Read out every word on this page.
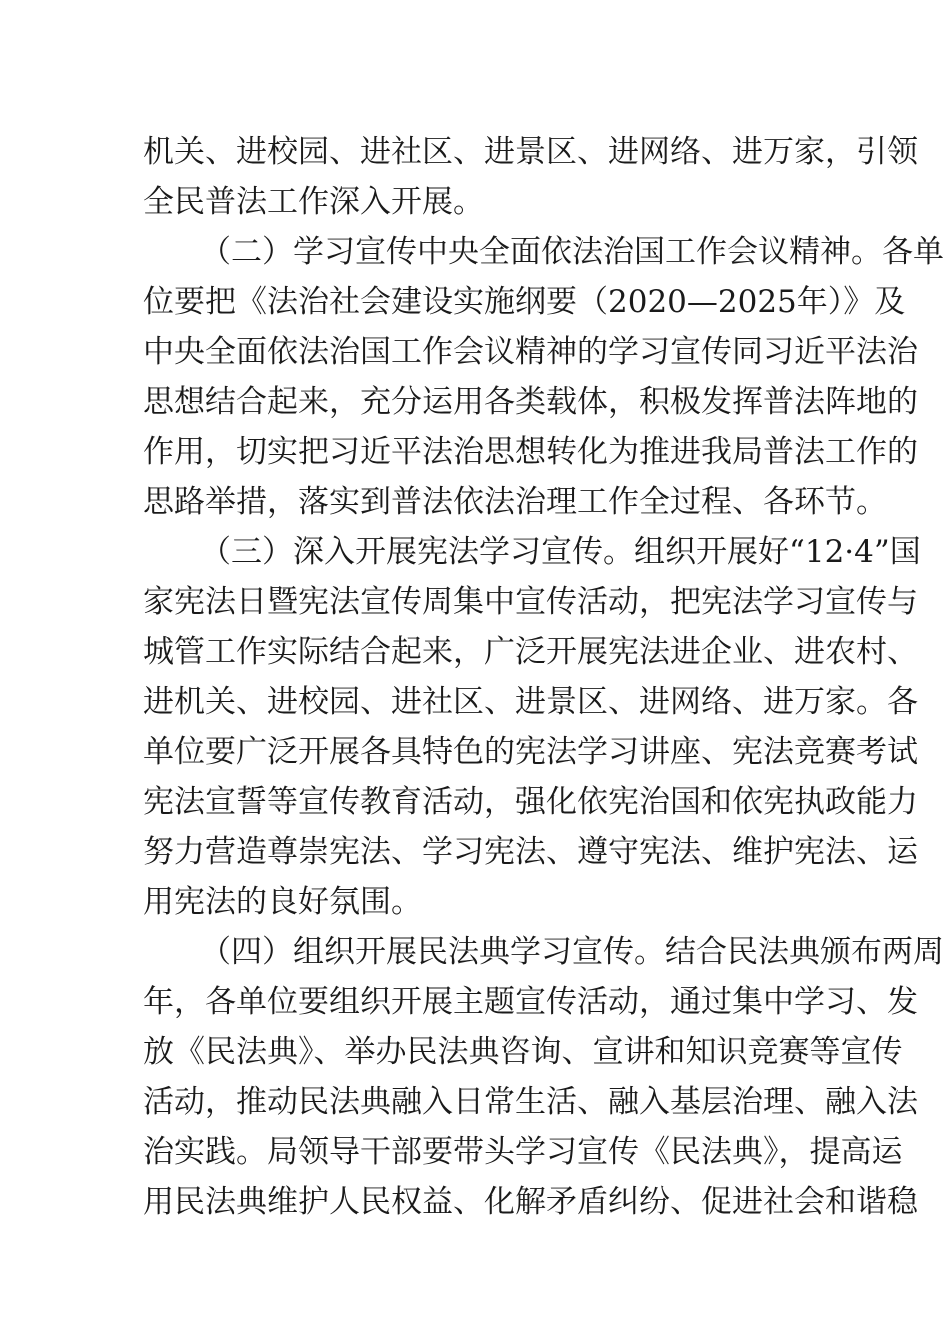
机关、进校园、进社区、进景区、进网络、进万家，引领
全民普法工作深入开展。
（二）学习宣传中央全面依法治国工作会议精神。各单
位要把《法治社会建设实施纲要（2020—2025年）》及
中央全面依法治国工作会议精神的学习宣传同习近平法治
思想结合起来，充分运用各类载体，积极发挥普法阵地的
作用，切实把习近平法治思想转化为推进我局普法工作的
思路举措，落实到普法依法治理工作全过程、各环节。
（三）深入开展宪法学习宣传。组织开展好“12·4”国
家宪法日暨宪法宣传周集中宣传活动，把宪法学习宣传与
城管工作实际结合起来，广泛开展宪法进企业、进农村、
进机关、进校园、进社区、进景区、进网络、进万家。各
单位要广泛开展各具特色的宪法学习讲座、宪法竞赛考试
宪法宣誓等宣传教育活动，强化依宪治国和依宪执政能力
努力营造尊崇宪法、学习宪法、遵守宪法、维护宪法、运
用宪法的良好氛围。
（四）组织开展民法典学习宣传。结合民法典颁布两周
年，各单位要组织开展主题宣传活动，通过集中学习、发
放《民法典》、举办民法典咨询、宣讲和知识竞赛等宣传
活动，推动民法典融入日常生活、融入基层治理、融入法
治实践。局领导干部要带头学习宣传《民法典》，提高运
用民法典维护人民权益、化解矛盾纠纷、促进社会和谐稳
